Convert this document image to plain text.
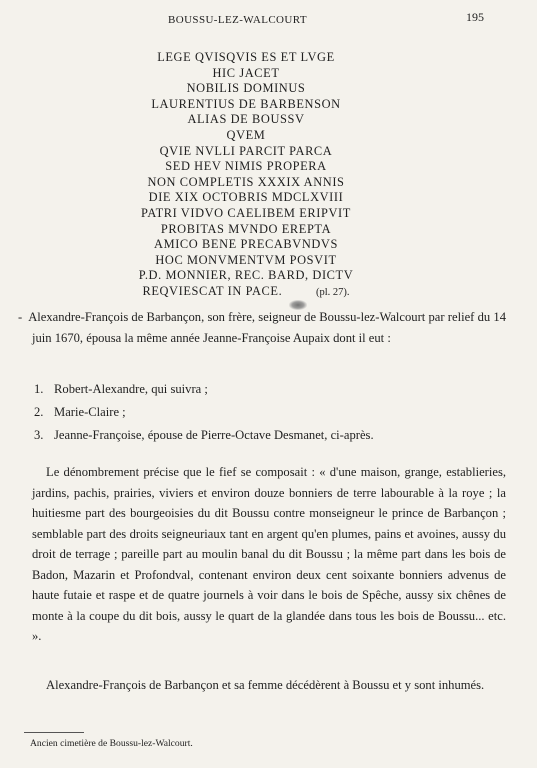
BOUSSU-LEZ-WALCOURT	195
LEGE QVISQVIS ES ET LVGE
HIC JACET
NOBILIS DOMINUS
LAURENTIUS DE BARBENSON
ALIAS DE BOUSSV
QVEM
QVIE NVLLI PARCIT PARCA
SED HEV NIMIS PROPERA
NON COMPLETIS XXXIX ANNIS
DIE XIX OCTOBRIS MDCLXVIII
PATRI VIDVO CAELIBEM ERIPVIT
PROBITAS MVNDO EREPTA
AMICO BENE PRECABVNDVS
HOC MONVMENTVM POSVIT
P.D. MONNIER, REC. BARD, DICTV
REQVIESCAT IN PACE.	(pl. 27).
- Alexandre-François de Barbançon, son frère, seigneur de Boussu-lez-Walcourt par relief du 14 juin 1670, épousa la même année Jeanne-Françoise Aupaix dont il eut :
1. Robert-Alexandre, qui suivra ;
2. Marie-Claire ;
3. Jeanne-Françoise, épouse de Pierre-Octave Desmanet, ci-après.
Le dénombrement précise que le fief se composait : « d'une maison, grange, establieries, jardins, pachis, prairies, viviers et environ douze bonniers de terre labourable à la roye ; la huitiesme part des bourgeoisies du dit Boussu contre monseigneur le prince de Barbançon ; semblable part des droits seigneuriaux tant en argent qu'en plumes, pains et avoines, aussy du droit de terrage ; pareille part au moulin banal du dit Boussu ; la même part dans les bois de Badon, Mazarin et Profondval, contenant environ deux cent soixante bonniers advenus de haute futaie et raspe et de quatre journels à voir dans le bois de Spêche, aussy six chênes de monte à la coupe du dit bois, aussy le quart de la glandée dans tous les bois de Boussu... etc. ».
Alexandre-François de Barbançon et sa femme décédèrent à Boussu et y sont inhumés.
Ancien cimetière de Boussu-lez-Walcourt.
